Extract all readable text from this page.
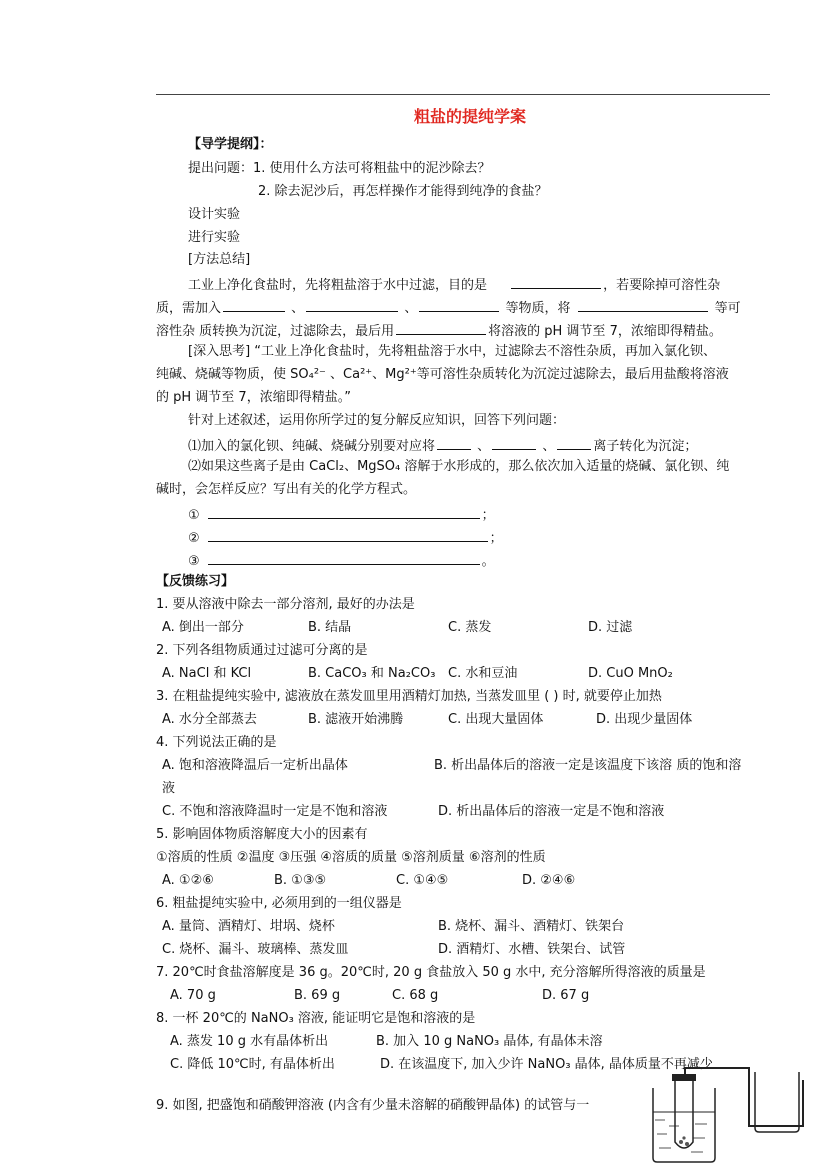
粗盐的提纯学案
【导学提纲】：
提出问题：1. 使用什么方法可将粗盐中的泥沙除去？
2. 除去泥沙后，再怎样操作才能得到纯净的食盐？
设计实验
进行实验
[方法总结]
工业上净化食盐时，先将粗盐溶于水中过滤，目的是	，若要除掉可溶性杂
质，需加入	、	、	等物质，将	等可
溶性杂 质转换为沉淀，过滤除去，最后用	将溶液的 pH 调节至 7，浓缩即得精盐。
[深入思考] “工业上净化食盐时，先将粗盐溶于水中，过滤除去不溶性杂质，再加入氯化钡、
纯碱、烧碱等物质，使 SO₄²⁻ 、Ca²⁺、Mg²⁺等可溶性杂质转化为沉淀过滤除去，最后用盐酸将溶液
的 pH 调节至 7，浓缩即得精盐。”
针对上述叙述，运用你所学过的复分解反应知识，回答下列问题：
⑴加入的氯化钡、纯碱、烧碱分别要对应将	、	、	离子转化为沉淀；
⑵如果这些离子是由 CaCl₂、MgSO₄ 溶解于水形成的，那么依次加入适量的烧碱、氯化钡、纯
碱时，会怎样反应？写出有关的化学方程式。
①	；
②	；
③	。
【反馈练习】
1. 要从溶液中除去一部分溶剂, 最好的办法是
A. 倒出一部分	B. 结晶	C. 蒸发	D. 过滤
2. 下列各组物质通过过滤可分离的是
A. NaCl 和 KCl	B. CaCO₃ 和 Na₂CO₃ C. 水和豆油	D. CuO MnO₂
3. 在粗盐提纯实验中, 滤液放在蒸发皿里用酒精灯加热, 当蒸发皿里 ( ) 时, 就要停止加热
A. 水分全部蒸去	B. 滤液开始沸腾	C. 出现大量固体	D. 出现少量固体
4. 下列说法正确的是
A. 饱和溶液降温后一定析出晶体	B. 析出晶体后的溶液一定是该温度下该溶 质的饱和溶
液
C. 不饱和溶液降温时一定是不饱和溶液	D. 析出晶体后的溶液一定是不饱和溶液
5. 影响固体物质溶解度大小的因素有
①溶质的性质 ②温度 ③压强 ④溶质的质量 ⑤溶剂质量 ⑥溶剂的性质
A. ①②⑥	B. ①③⑤	C. ①④⑤	D. ②④⑥
6. 粗盐提纯实验中, 必须用到的一组仪器是
A. 量筒、酒精灯、坩埚、烧杯	B. 烧杯、漏斗、酒精灯、铁架台
C. 烧杯、漏斗、玻璃棒、蒸发皿	D. 酒精灯、水槽、铁架台、试管
7. 20℃时食盐溶解度是 36 g。20℃时, 20 g 食盐放入 50 g 水中, 充分溶解所得溶液的质量是
A. 70 g	B. 69 g	C. 68 g	D. 67 g
8. 一杯 20℃的 NaNO₃ 溶液, 能证明它是饱和溶液的是
A. 蒸发 10 g 水有晶体析出	B. 加入 10 g NaNO₃ 晶体, 有晶体未溶
C. 降低 10℃时, 有晶体析出	D. 在该温度下, 加入少许 NaNO₃ 晶体, 晶体质量不再减少
9. 如图, 把盛饱和硝酸钾溶液 (内含有少量未溶解的硝酸钾晶体) 的试管与一
